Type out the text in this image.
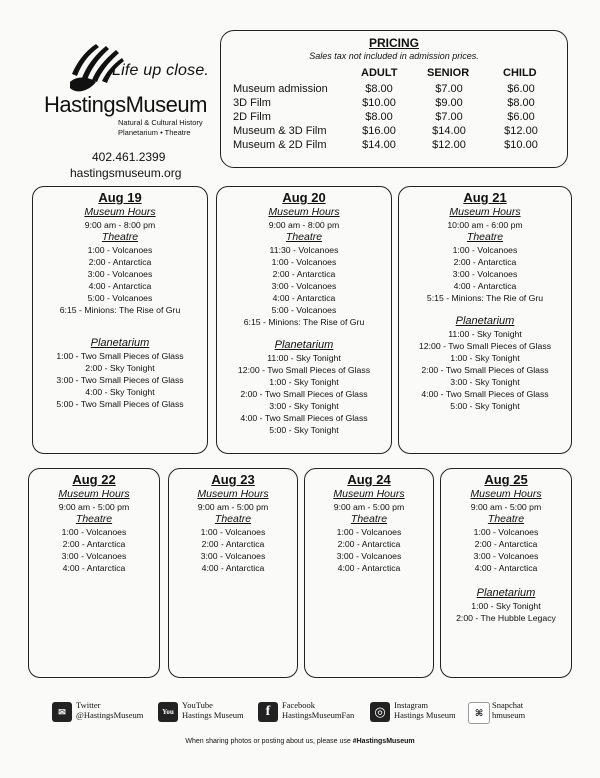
Life up close.
HastingsMuseum
Natural & Cultural History
Planetarium • Theatre
402.461.2399
hastingsmuseum.org
PRICING
Sales tax not included in admission prices.
ADULT	SENIOR	CHILD
Museum admission	$8.00	$7.00	$6.00
3D Film	$10.00	$9.00	$8.00
2D Film	$8.00	$7.00	$6.00
Museum & 3D Film	$16.00	$14.00	$12.00
Museum & 2D Film	$14.00	$12.00	$10.00
Aug 19
Museum Hours
9:00 am - 8:00 pm
Theatre
1:00 - Volcanoes
2:00 - Antarctica
3:00 - Volcanoes
4:00 - Antarctica
5:00 - Volcanoes
6:15 - Minions: The Rise of Gru
Planetarium
1:00 - Two Small Pieces of Glass
2:00 - Sky Tonight
3:00 - Two Small Pieces of Glass
4:00 - Sky Tonight
5:00 - Two Small Pieces of Glass
Aug 20
Museum Hours
9:00 am - 8:00 pm
Theatre
11:30 - Volcanoes
1:00 - Volcanoes
2:00 - Antarctica
3:00 - Volcanoes
4:00 - Antarctica
5:00 - Volcanoes
6:15 - Minions: The Rise of Gru
Planetarium
11:00 - Sky Tonight
12:00 - Two Small Pieces of Glass
1:00 - Sky Tonight
2:00 - Two Small Pieces of Glass
3:00 - Sky Tonight
4:00 - Two Small Pieces of Glass
5:00 - Sky Tonight
Aug 21
Museum Hours
10:00 am - 6:00 pm
Theatre
1:00 - Volcanoes
2:00 - Antarctica
3:00 - Volcanoes
4:00 - Antarctica
5:15 - Minions: The Rie of Gru
Planetarium
11:00 - Sky Tonight
12:00 - Two Small Pieces of Glass
1:00 - Sky Tonight
2:00 - Two Small Pieces of Glass
3:00 - Sky Tonight
4:00 - Two Small Pieces of Glass
5:00 - Sky Tonight
Aug 22
Museum Hours
9:00 am - 5:00 pm
Theatre
1:00 - Volcanoes
2:00 - Antarctica
3:00 - Volcanoes
4:00 - Antarctica
Aug 23
Museum Hours
9:00 am - 5:00 pm
Theatre
1:00 - Volcanoes
2:00 - Antarctica
3:00 - Volcanoes
4:00 - Antarctica
Aug 24
Museum Hours
9:00 am - 5:00 pm
Theatre
1:00 - Volcanoes
2:00 - Antarctica
3:00 - Volcanoes
4:00 - Antarctica
Aug 25
Museum Hours
9:00 am - 5:00 pm
Theatre
1:00 - Volcanoes
2:00 - Antarctica
3:00 - Volcanoes
4:00 - Antarctica
Planetarium
1:00 - Sky Tonight
2:00 - The Hubble Legacy
✉
Twitter
@HastingsMuseum	You
YouTube
Hastings Museum	f	Facebook
HastingsMuseumFan	◎ Instagram
Hastings Museum	⌘
Snapchat
hmuseum
When sharing photos or posting about us, please use #HastingsMuseum
